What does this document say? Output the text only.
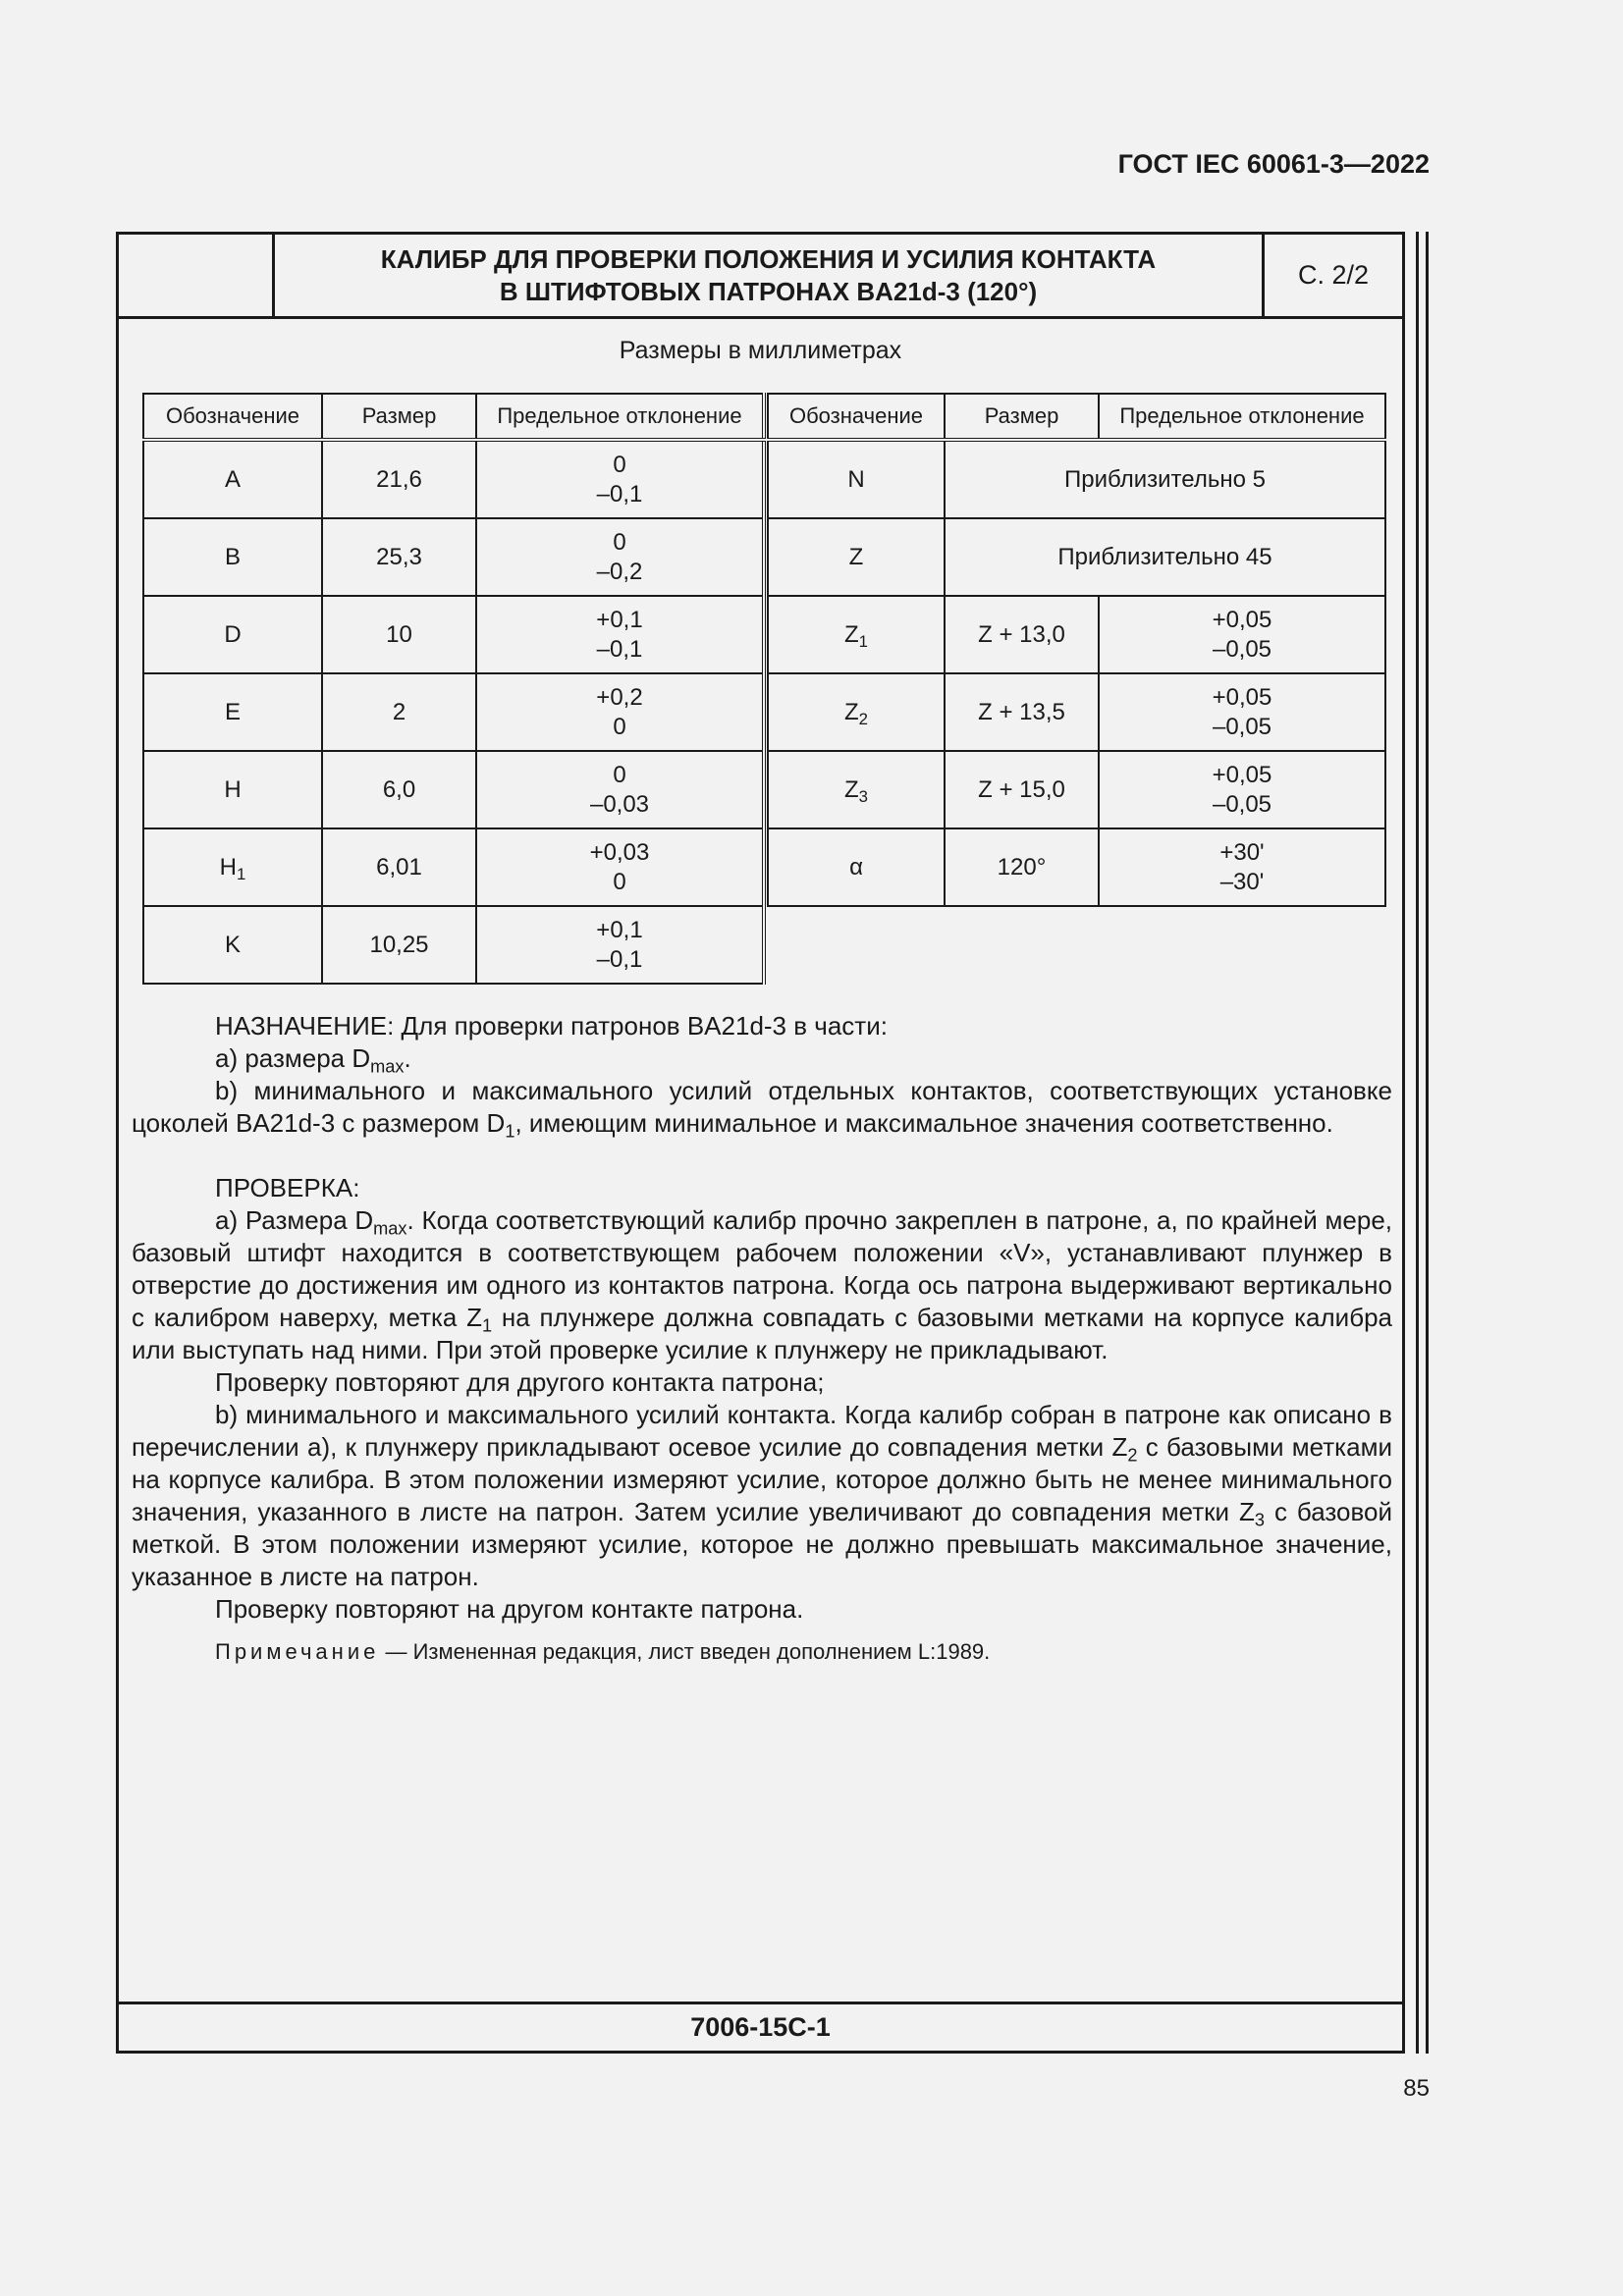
ГОСТ IEC 60061-3—2022
КАЛИБР ДЛЯ ПРОВЕРКИ ПОЛОЖЕНИЯ И УСИЛИЯ КОНТАКТА
В ШТИФТОВЫХ ПАТРОНАХ BA21d-3 (120°)
С. 2/2
Размеры в миллиметрах
Обозначение	Размер	Предельное отклонение
A	21,6	0
–0,1

B	25,3	0
–0,2

D	10	+0,1
–0,1

E	2	+0,2
0

H	6,0	0
–0,03

$H_1$	6,01	+0,03
0

K	10,25	+0,1
–0,1
Обозначение	Размер	Предельное отклонение
N	Приблизительно 5	
Z	Приблизительно 45	
$Z_1$	Z + 13,0	+0,05
–0,05

$Z_2$	Z + 13,5	+0,05
–0,05

$Z_3$	Z + 15,0	+0,05
–0,05

α	120°	+30'
–30'

НАЗНАЧЕНИЕ: Для проверки патронов BA21d-3 в части:

а) размера $D_{max}$.

b) минимального и максимального усилий отдельных контактов, соответствующих установке цоколей BA21d-3 с размером $D_1$, имеющим минимальное и максимальное значения соответственно.

ПРОВЕРКА:

а) Размера $D_{max}$. Когда соответствующий калибр прочно закреплен в патроне, а, по крайней мере, базовый штифт находится в соответствующем рабочем положении «V», устанавливают плунжер в отверстие до достижения им одного из контактов патрона. Когда ось патрона выдерживают вертикально с калибром наверху, метка $Z_1$ на плунжере должна совпадать с базовыми метками на корпусе калибра или выступать над ними. При этой проверке усилие к плунжеру не прикладывают.

Проверку повторяют для другого контакта патрона;

b) минимального и максимального усилий контакта. Когда калибр собран в патроне как описано в перечислении а), к плунжеру прикладывают осевое усилие до совпадения метки $Z_2$ с базовыми метками на корпусе калибра. В этом положении измеряют усилие, которое должно быть не менее минимального значения, указанного в листе на патрон. Затем усилие увеличивают до совпадения метки $Z_3$ с базовой меткой. В этом положении измеряют усилие, которое не должно превышать максимальное значение, указанное в листе на патрон.

Проверку повторяют на другом контакте патрона.

Примечание — Измененная редакция, лист введен дополнением L:1989.

7006-15C-1
85
